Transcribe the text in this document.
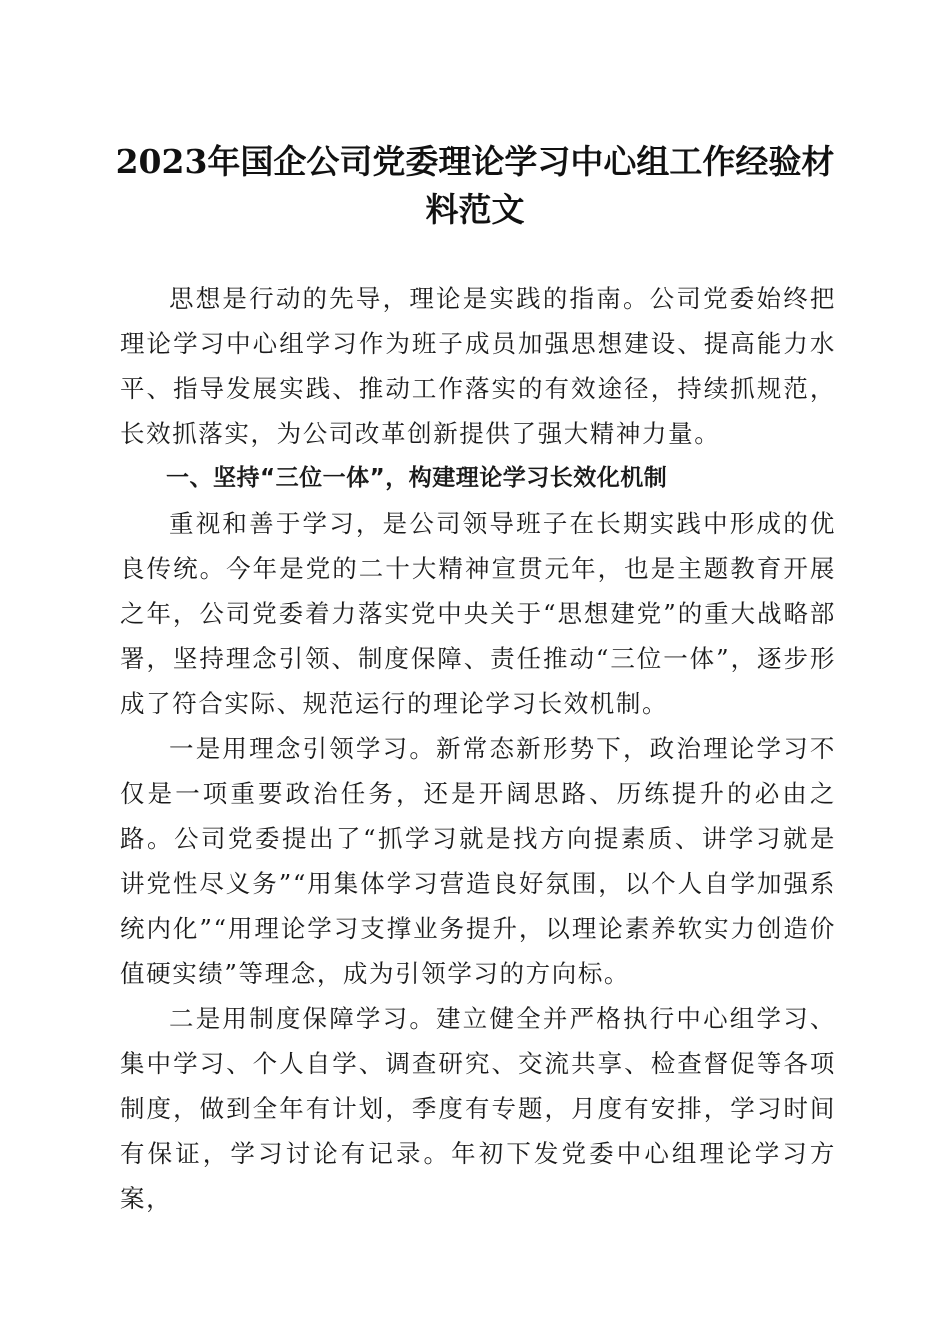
2023年国企公司党委理论学习中心组工作经验材料范文

思想是行动的先导，理论是实践的指南。公司党委始终把理论学习中心组学习作为班子成员加强思想建设、提高能力水平、指导发展实践、推动工作落实的有效途径，持续抓规范，长效抓落实，为公司改革创新提供了强大精神力量。

一、坚持“三位一体”，构建理论学习长效化机制

重视和善于学习，是公司领导班子在长期实践中形成的优良传统。今年是党的二十大精神宣贯元年，也是主题教育开展之年，公司党委着力落实党中央关于“思想建党”的重大战略部署，坚持理念引领、制度保障、责任推动“三位一体”，逐步形成了符合实际、规范运行的理论学习长效机制。

一是用理念引领学习。新常态新形势下，政治理论学习不仅是一项重要政治任务，还是开阔思路、历练提升的必由之路。公司党委提出了“抓学习就是找方向提素质、讲学习就是讲党性尽义务”“用集体学习营造良好氛围，以个人自学加强系统内化”“用理论学习支撑业务提升，以理论素养软实力创造价值硬实绩”等理念，成为引领学习的方向标。

二是用制度保障学习。建立健全并严格执行中心组学习、集中学习、个人自学、调查研究、交流共享、检查督促等各项制度，做到全年有计划，季度有专题，月度有安排，学习时间有保证，学习讨论有记录。年初下发党委中心组理论学习方案，
